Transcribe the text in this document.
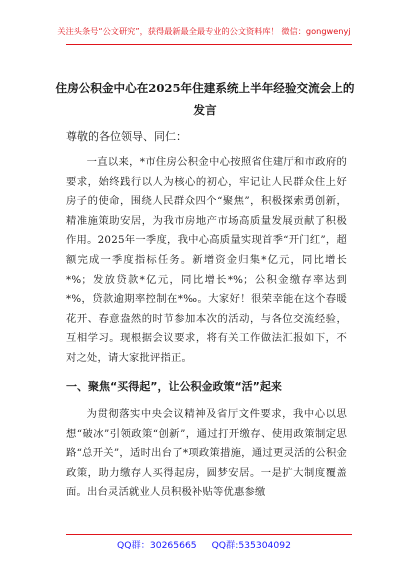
关注头条号“公文研究”，获得最新最全最专业的公文资料库！ 微信：gongwenyj
住房公积金中心在2025年住建系统上半年经验交流会上的发言
尊敬的各位领导、同仁：
一直以来，*市住房公积金中心按照省住建厅和市政府的要求，始终践行以人为核心的初心，牢记让人民群众住上好房子的使命，围绕人民群众四个“聚焦”，积极探索勇创新，精准施策助安居，为我市房地产市场高质量发展贡献了积极作用。2025年一季度，我中心高质量实现首季“开门红”，超额完成一季度指标任务。新增资金归集*亿元，同比增长*%；发放贷款*亿元，同比增长*%；公积金缴存率达到*%，贷款逾期率控制在*‰。大家好！很荣幸能在这个春暖花开、春意盎然的时节参加本次的活动，与各位交流经验，互相学习。现根据会议要求，将有关工作做法汇报如下，不对之处，请大家批评指正。
一、聚焦“买得起”，让公积金政策“活”起来
为贯彻落实中央会议精神及省厅文件要求，我中心以思想“破冰”引领政策“创新”，通过打开缴存、使用政策制定思路“总开关”，适时出台了*项政策措施，通过更灵活的公积金政策，助力缴存人买得起房，圆梦安居。一是扩大制度覆盖面。出台灵活就业人员积极补贴等优惠参缴
QQ群：30265665 QQ群:535304092
